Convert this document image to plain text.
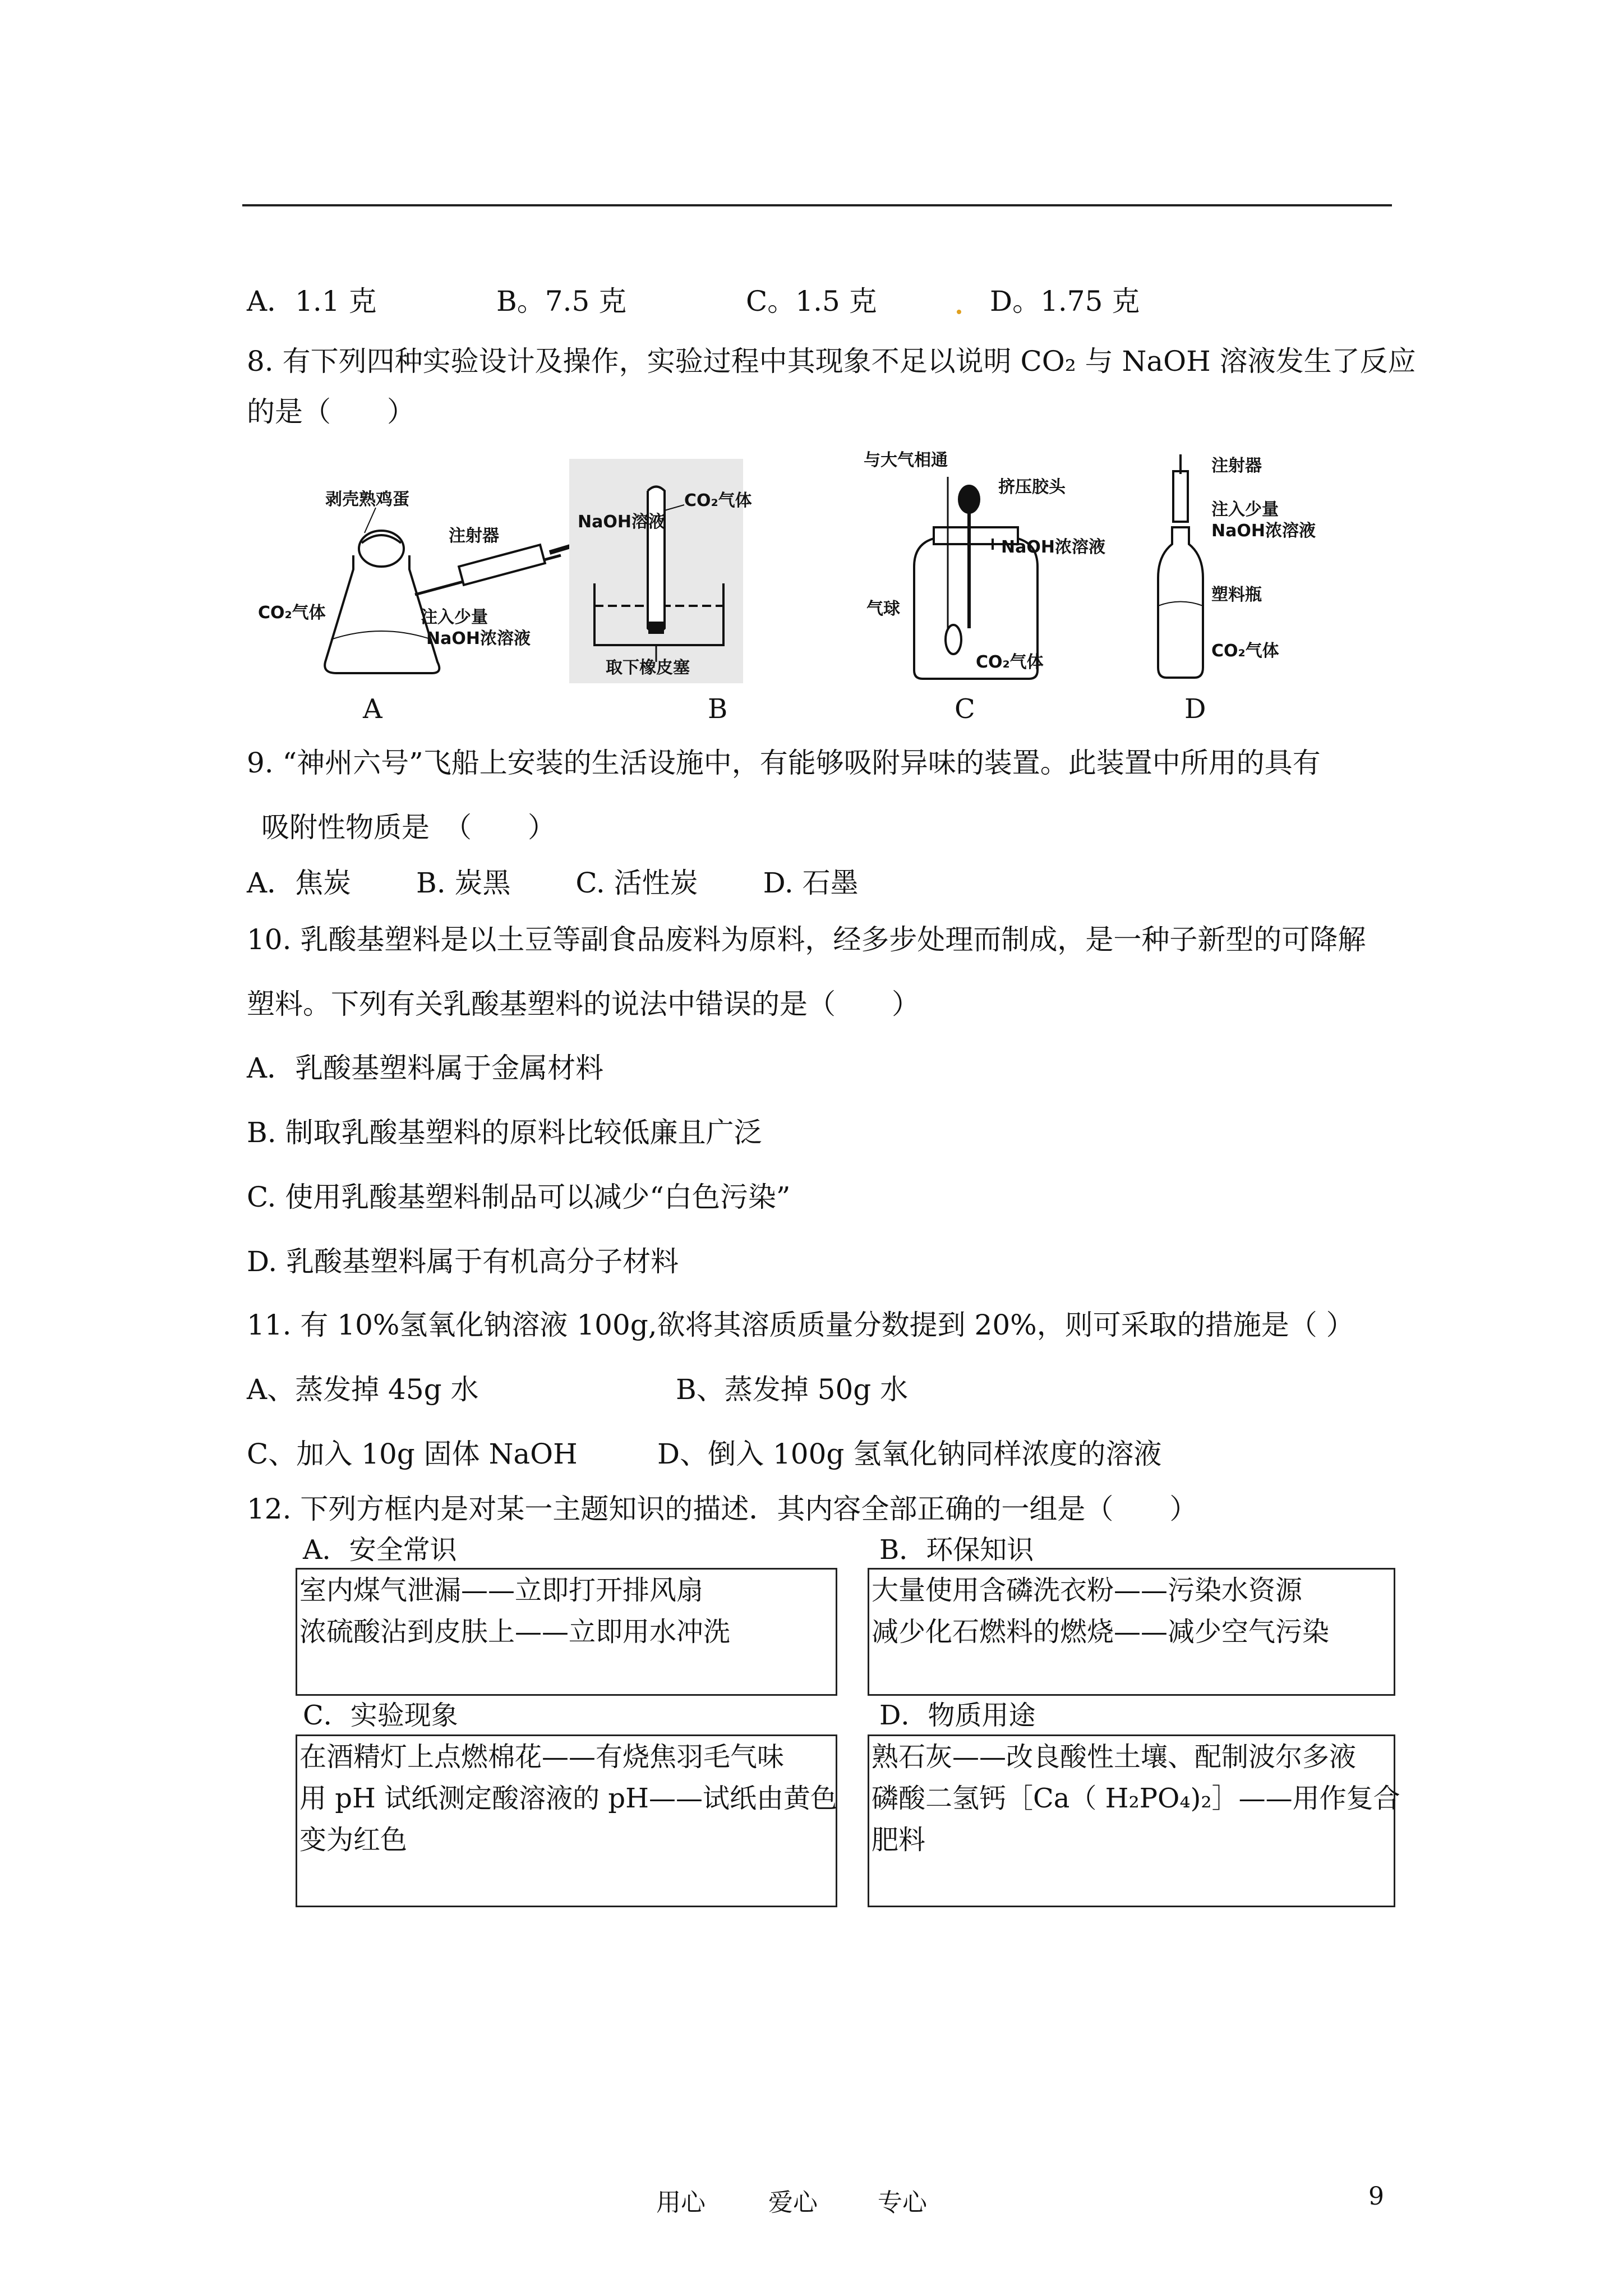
A．1.1 克	B。7.5 克	C。1.5 克	D。1.75 克
8. 有下列四种实验设计及操作，实验过程中其现象不足以说明 CO₂ 与 NaOH 溶液发生了反应
的是（　　）
剥壳熟鸡蛋
注射器
CO₂气体	注入少量
NaOH浓溶液
NaOH溶液
CO₂气体
取下橡皮塞
与大气相通
挤压胶头
NaOH浓溶液
气球
CO₂气体
注射器
注入少量
NaOH浓溶液
塑料瓶
CO₂气体
A	B	C	D
9. “神州六号”飞船上安装的生活设施中，有能够吸附异味的装置。此装置中所用的具有
吸附性物质是　（　　）
A．焦炭　　 B. 炭黑　　 C. 活性炭　　 D. 石墨
10. 乳酸基塑料是以土豆等副食品废料为原料，经多步处理而制成，是一种子新型的可降解
塑料。下列有关乳酸基塑料的说法中错误的是（　　）
A．乳酸基塑料属于金属材料
B. 制取乳酸基塑料的原料比较低廉且广泛
C. 使用乳酸基塑料制品可以减少“白色污染”
D. 乳酸基塑料属于有机高分子材料
11. 有 10%氢氧化钠溶液 100g,欲将其溶质质量分数提到 20%，则可采取的措施是（ ）
A、蒸发掉 45g 水	B、蒸发掉 50g 水
C、加入 10g 固体 NaOH	D、倒入 100g 氢氧化钠同样浓度的溶液
12. 下列方框内是对某一主题知识的描述．其内容全部正确的一组是（　　）
A．安全常识	B．环保知识
室内煤气泄漏——立即打开排风扇
浓硫酸沾到皮肤上——立即用水冲洗
大量使用含磷洗衣粉——污染水资源
减少化石燃料的燃烧——减少空气污染
C．实验现象	D．物质用途
在酒精灯上点燃棉花——有烧焦羽毛气味
用 pH 试纸测定酸溶液的 pH——试纸由黄色
变为红色
熟石灰——改良酸性土壤、配制波尔多液
磷酸二氢钙［Ca（ H₂PO₄)₂］——用作复合
肥料
用心	爱心 专心	9
